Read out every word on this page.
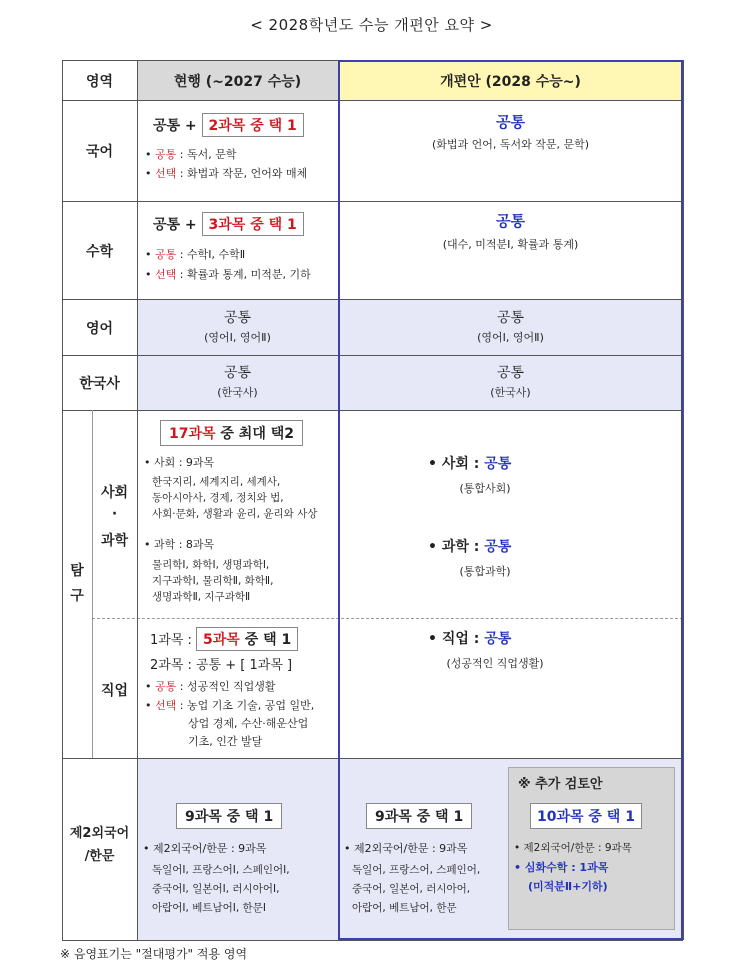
< 2028학년도 수능 개편안 요약 >
영역	현행 (~2027 수능)	개편안 (2028 수능~)
국어
공통 + 2과목 중 택 1
• 공통 : 독서, 문학
• 선택 : 화법과 작문, 언어와 매체
공통
(화법과 언어, 독서와 작문, 문학)
수학
공통 + 3과목 중 택 1
• 공통 : 수학Ⅰ, 수학Ⅱ
• 선택 : 확률과 통계, 미적분, 기하
공통
(대수, 미적분Ⅰ, 확률과 통계)
영어
공통
(영어Ⅰ, 영어Ⅱ)
공통
(영어Ⅰ, 영어Ⅱ)
한국사
공통
(한국사)
공통
(한국사)
탐
구
사회
·
과학
17과목 중 최대 택2
• 사회 : 9과목
한국지리, 세계지리, 세계사,
동아시아사, 경제, 정치와 법,
사회·문화, 생활과 윤리, 윤리와 사상
• 과학 : 8과목
물리학Ⅰ, 화학Ⅰ, 생명과학Ⅰ,
지구과학Ⅰ, 물리학Ⅱ, 화학Ⅱ,
생명과학Ⅱ, 지구과학Ⅱ
• 사회 : 공통
(통합사회)
• 과학 : 공통
(통합과학)
직업
1과목 : 5과목 중 택 1
2과목 : 공통 + [ 1과목 ]
• 공통 : 성공적인 직업생활
• 선택 : 농업 기초 기술, 공업 일반,
상업 경제, 수산·해운산업
기초, 인간 발달
• 직업 : 공통
(성공적인 직업생활)
제2외국어
/한문
9과목 중 택 1
• 제2외국어/한문 : 9과목
독일어Ⅰ, 프랑스어Ⅰ, 스페인어Ⅰ,
중국어Ⅰ, 일본어Ⅰ, 러시아어Ⅰ,
아랍어Ⅰ, 베트남어Ⅰ, 한문Ⅰ
9과목 중 택 1
• 제2외국어/한문 : 9과목
독일어, 프랑스어, 스페인어,
중국어, 일본어, 러시아어,
아랍어, 베트남어, 한문
※ 추가 검토안
10과목 중 택 1
• 제2외국어/한문 : 9과목
• 심화수학 : 1과목
(미적분Ⅱ+기하)
※ 음영표기는 "절대평가" 적용 영역
